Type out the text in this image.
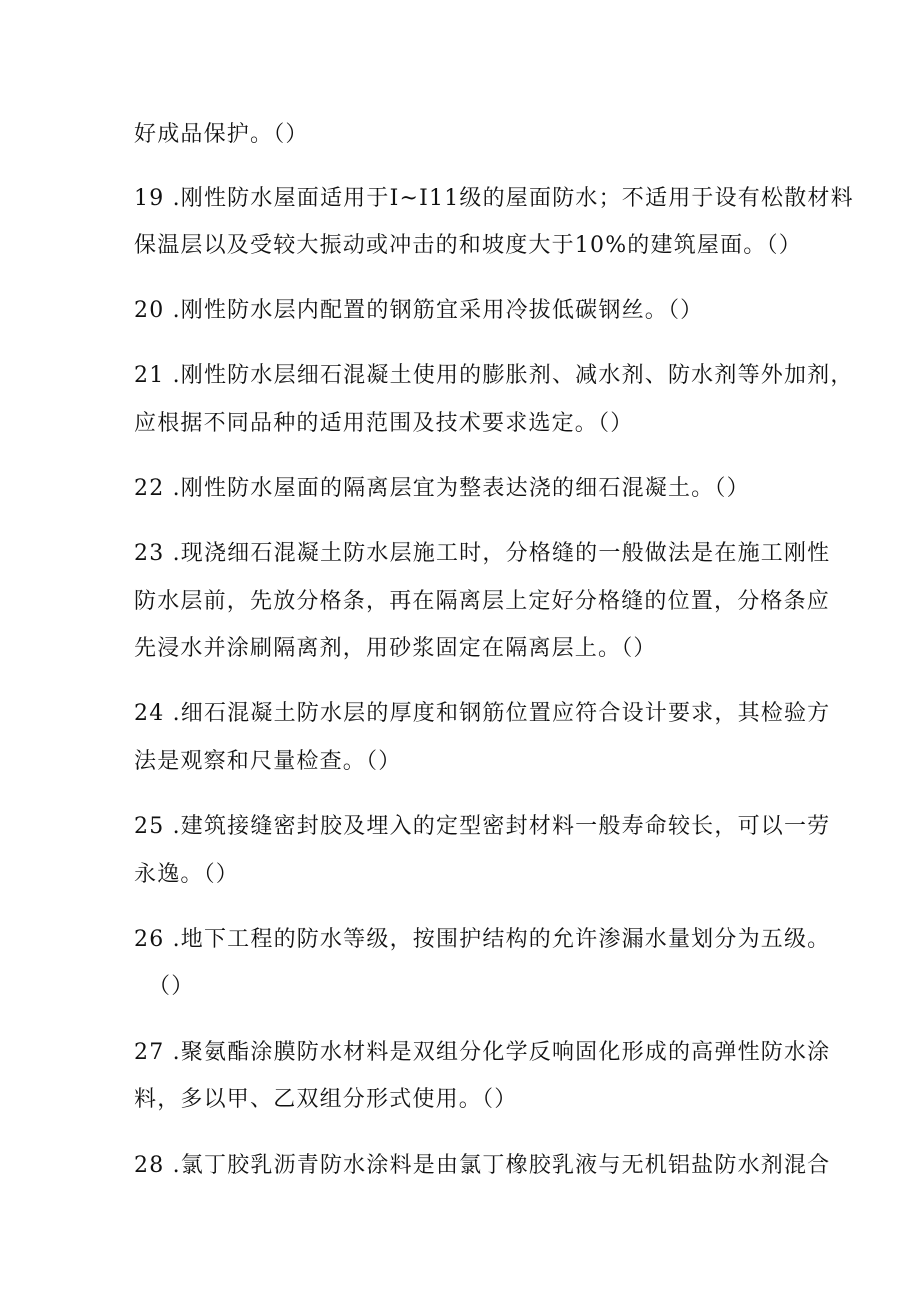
好成品保护。（）
19 .刚性防水屋面适用于I~I11级的屋面防水；不适用于设有松散材料
保温层以及受较大振动或冲击的和坡度大于10%的建筑屋面。（）
20 .刚性防水层内配置的钢筋宜采用冷拔低碳钢丝。（）
21 .刚性防水层细石混凝土使用的膨胀剂、减水剂、防水剂等外加剂，
应根据不同品种的适用范围及技术要求选定。（）
22 .刚性防水屋面的隔离层宜为整表达浇的细石混凝土。（）
23 .现浇细石混凝土防水层施工时，分格缝的一般做法是在施工刚性
防水层前，先放分格条，再在隔离层上定好分格缝的位置，分格条应
先浸水并涂刷隔离剂，用砂浆固定在隔离层上。（）
24 .细石混凝土防水层的厚度和钢筋位置应符合设计要求，其检验方
法是观察和尺量检查。（）
25 .建筑接缝密封胶及埋入的定型密封材料一般寿命较长，可以一劳
永逸。（）
26 .地下工程的防水等级，按围护结构的允许渗漏水量划分为五级。
（）
27 .聚氨酯涂膜防水材料是双组分化学反响固化形成的高弹性防水涂
料，多以甲、乙双组分形式使用。（）
28 .氯丁胶乳沥青防水涂料是由氯丁橡胶乳液与无机铝盐防水剂混合
